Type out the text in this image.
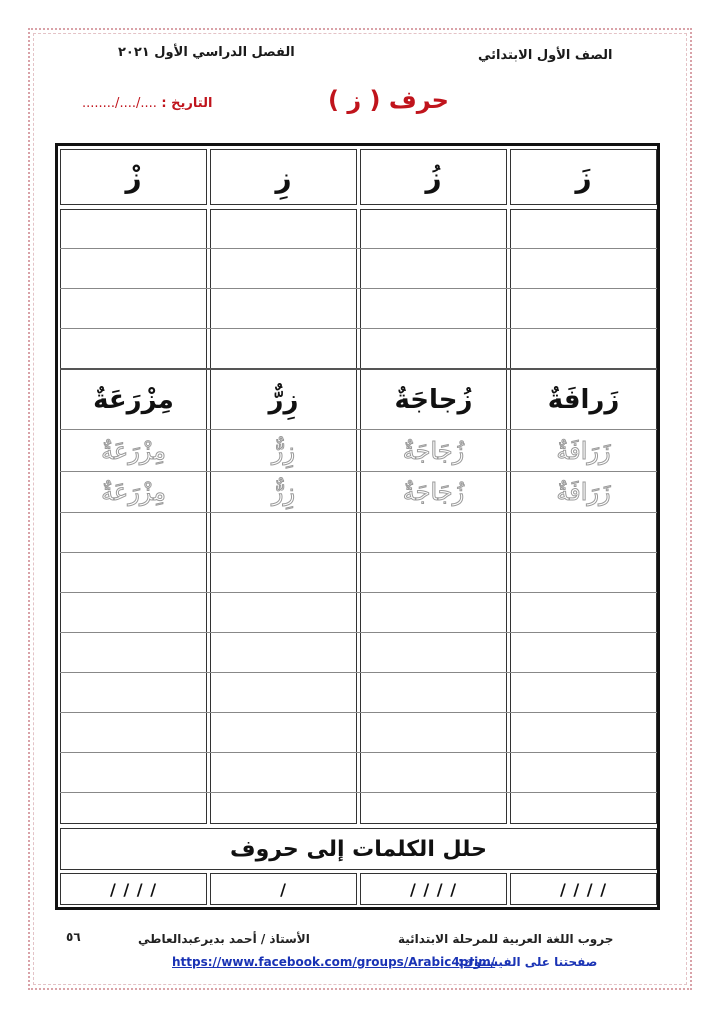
الصف الأول الابتدائي
الفصل الدراسي الأول ٢٠٢١
حرف ( ز )
التاريخ : ..../..../........
زَ
زُ
زِ
زْ
زَرافَةٌ
زُجاجَةٌ
زِرٌّ
مِزْرَعَةٌ
زَرَافَةٌ
زُجَاجَةٌ
زِرٌّ
مِزْرَعَةٌ
زَرَافَةٌ
زُجَاجَةٌ
زِرٌّ
مِزْرَعَةٌ
حلل الكلمات إلى حروف
/ / / /
/ / / /
/
/ / / /
جروب اللغة العربية للمرحلة الابتدائية
الأستاذ / أحمد بديرعبدالعاطي
٥٦
صفحتنا على الفيسبوك:
https://www.facebook.com/groups/Arabic4prim/
